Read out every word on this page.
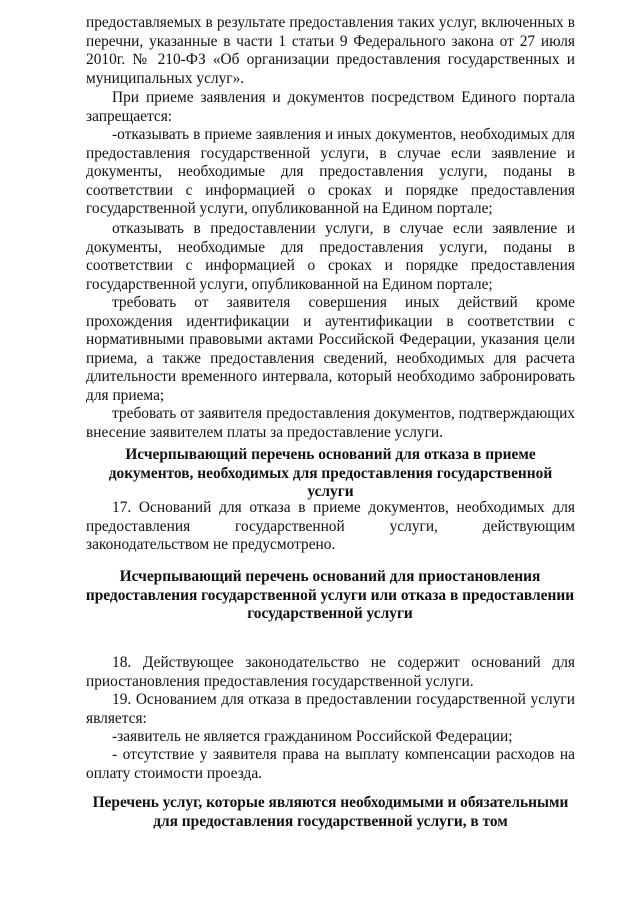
предоставляемых в результате предоставления таких услуг, включенных в перечни, указанные в части 1 статьи 9 Федерального закона от 27 июля 2010г. № 210-ФЗ «Об организации предоставления государственных и муниципальных услуг».

При приеме заявления и документов посредством Единого портала запрещается:

-отказывать в приеме заявления и иных документов, необходимых для предоставления государственной услуги, в случае если заявление и документы, необходимые для предоставления услуги, поданы в соответствии с информацией о сроках и порядке предоставления государственной услуги, опубликованной на Едином портале;

отказывать в предоставлении услуги, в случае если заявление и документы, необходимые для предоставления услуги, поданы в соответствии с информацией о сроках и порядке предоставления государственной услуги, опубликованной на Едином портале;

требовать от заявителя совершения иных действий кроме прохождения идентификации и аутентификации в соответствии с нормативными правовыми актами Российской Федерации, указания цели приема, а также предоставления сведений, необходимых для расчета длительности временного интервала, который необходимо забронировать для приема;

требовать от заявителя предоставления документов, подтверждающих внесение заявителем платы за предоставление услуги.

Исчерпывающий перечень оснований для отказа в приеме документов, необходимых для предоставления государственной услуги

17. Оснований для отказа в приеме документов, необходимых для предоставления государственной услуги, действующим законодательством не предусмотрено.

Исчерпывающий перечень оснований для приостановления предоставления государственной услуги или отказа в предоставлении государственной услуги

18. Действующее законодательство не содержит оснований для приостановления предоставления государственной услуги.

19. Основанием для отказа в предоставлении государственной услуги является:

-заявитель не является гражданином Российской Федерации;

- отсутствие у заявителя права на выплату компенсации расходов на оплату стоимости проезда.

Перечень услуг, которые являются необходимыми и обязательными для предоставления государственной услуги, в том
